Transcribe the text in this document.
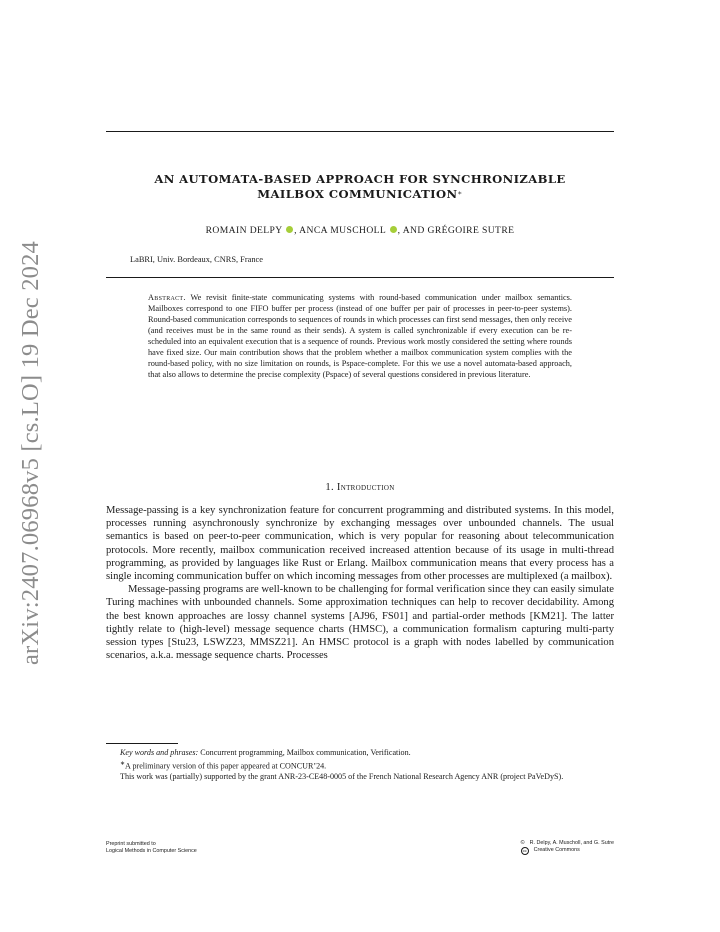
arXiv:2407.06968v5 [cs.LO] 19 Dec 2024
AN AUTOMATA-BASED APPROACH FOR SYNCHRONIZABLE
MAILBOX COMMUNICATION∗
ROMAIN DELPY , ANCA MUSCHOLL , AND GRÉGOIRE SUTRE
LaBRI, Univ. Bordeaux, CNRS, France
Abstract. We revisit finite-state communicating systems with round-based communication under mailbox semantics. Mailboxes correspond to one FIFO buffer per process (instead of one buffer per pair of processes in peer-to-peer systems). Round-based communication corresponds to sequences of rounds in which processes can first send messages, then only receive (and receives must be in the same round as their sends). A system is called synchronizable if every execution can be re-scheduled into an equivalent execution that is a sequence of rounds. Previous work mostly considered the setting where rounds have fixed size. Our main contribution shows that the problem whether a mailbox communication system complies with the round-based policy, with no size limitation on rounds, is Pspace-complete. For this we use a novel automata-based approach, that also allows to determine the precise complexity (Pspace) of several questions considered in previous literature.
1. Introduction

Message-passing is a key synchronization feature for concurrent programming and distributed systems. In this model, processes running asynchronously synchronize by exchanging messages over unbounded channels. The usual semantics is based on peer-to-peer communication, which is very popular for reasoning about telecommunication protocols. More recently, mailbox communication received increased attention because of its usage in multi-thread programming, as provided by languages like Rust or Erlang. Mailbox communication means that every process has a single incoming communication buffer on which incoming messages from other processes are multiplexed (a mailbox).

Message-passing programs are well-known to be challenging for formal verification since they can easily simulate Turing machines with unbounded channels. Some approximation techniques can help to recover decidability. Among the best known approaches are lossy channel systems [AJ96, FS01] and partial-order methods [KM21]. The latter tightly relate to (high-level) message sequence charts (HMSC), a communication formalism capturing multi-party session types [Stu23, LSWZ23, MMSZ21]. An HMSC protocol is a graph with nodes labelled by communication scenarios, a.k.a. message sequence charts. Processes

Key words and phrases: Concurrent programming, Mailbox communication, Verification.

∗A preliminary version of this paper appeared at CONCUR’24.

This work was (partially) supported by the grant ANR-23-CE48-0005 of the French National Research Agency ANR (project PaVeDyS).

Preprint submitted to
Logical Methods in Computer Science
© R. Delpy, A. Muscholl, and G. Sutre
cc	Creative Commons
